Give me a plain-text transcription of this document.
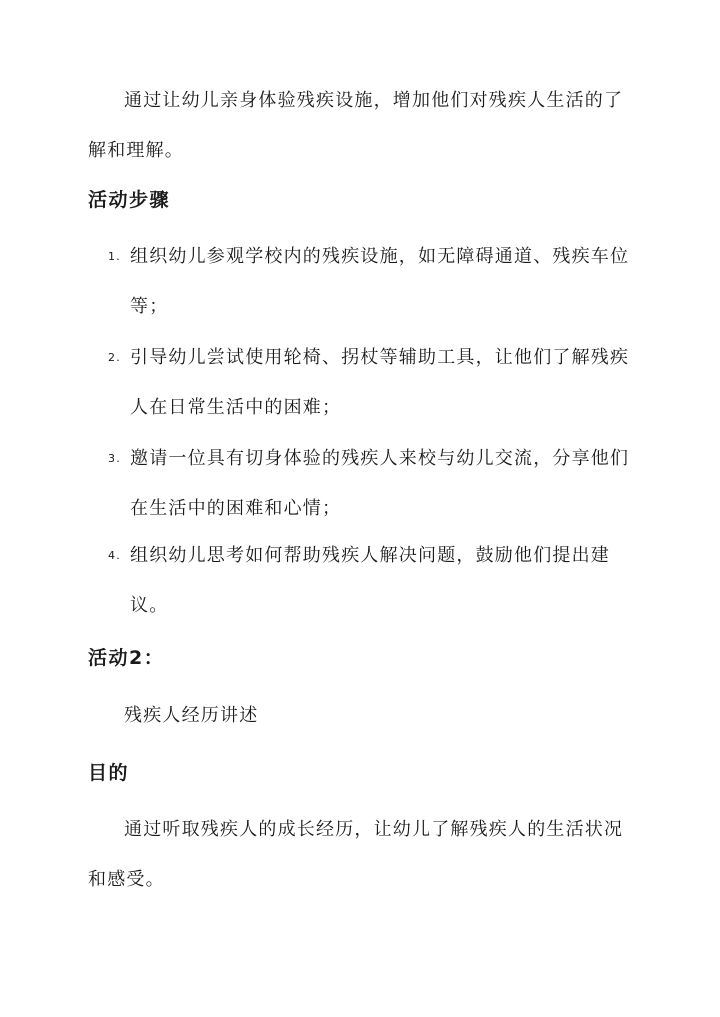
通过让幼儿亲身体验残疾设施，增加他们对残疾人生活的了解和理解。
活动步骤
1. 组织幼儿参观学校内的残疾设施，如无障碍通道、残疾车位等；
2. 引导幼儿尝试使用轮椅、拐杖等辅助工具，让他们了解残疾人在日常生活中的困难；
3. 邀请一位具有切身体验的残疾人来校与幼儿交流，分享他们在生活中的困难和心情；
4. 组织幼儿思考如何帮助残疾人解决问题，鼓励他们提出建议。
活动2：
残疾人经历讲述
目的
通过听取残疾人的成长经历，让幼儿了解残疾人的生活状况和感受。
